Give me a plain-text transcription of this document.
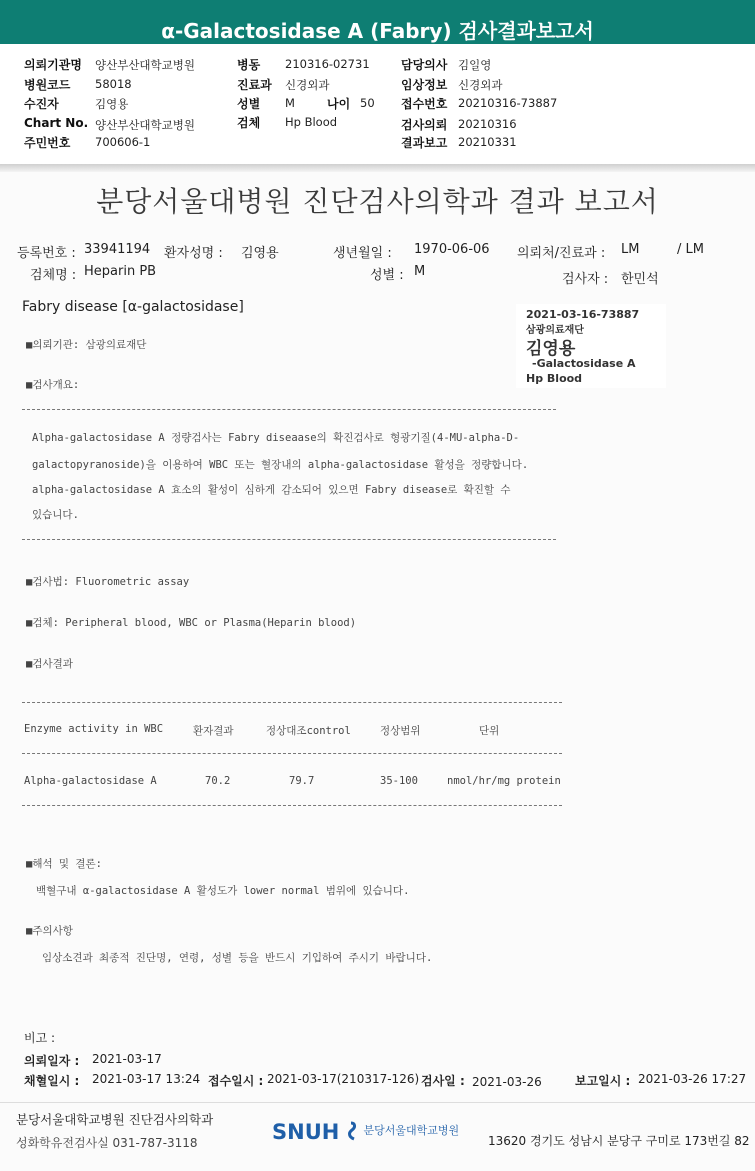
α-Galactosidase A (Fabry) 검사결과보고서
의뢰기관명 양산부산대학교병원
병원코드 58018
수진자	김영용
Chart No. 양산부산대학교병원
주민번호 700606-1
병동 210316-02731
진료과 신경외과
성별 M	나이 50
검체 Hp Blood
담당의사 김일영
임상정보 신경외과
접수번호 20210316-73887
검사의뢰 20210316
결과보고 20210331
분당서울대병원 진단검사의학과 결과 보고서
등록번호 : 33941194 환자성명 : 김영용	생년월일 : 1970-06-06 의뢰처/진료과 : LM	/ LM
검체명 : Heparin PB	성별 : M
검사자 : 한민석
Fabry disease [α-galactosidase]	2021-03-16-73887
삼광의료재단
김영용
-Galactosidase A
Hp Blood
■의뢰기관: 삼광의료재단
■검사개요:
Alpha-galactosidase A 정량검사는 Fabry diseaase의 확진검사로 형광기질(4-MU-alpha-D-
galactopyranoside)을 이용하여 WBC 또는 혈장내의 alpha-galactosidase 활성을 정량합니다.
alpha-galactosidase A 효소의 활성이 심하게 감소되어 있으면 Fabry disease로 확진할 수
있습니다.
■검사법: Fluorometric assay
■검체: Peripheral blood, WBC or Plasma(Heparin blood)
■검사결과
Enzyme activity in WBC	환자결과	정상대조control	정상범위	단위
Alpha-galactosidase A	70.2	79.7	35-100	nmol/hr/mg protein
■해석 및 결론:
백혈구내 α-galactosidase A 활성도가 lower normal 범위에 있습니다.
■주의사항
임상소견과 최종적 진단명, 연령, 성별 등을 반드시 기입하여 주시기 바랍니다.
비고 :
의뢰일자 : 2021-03-17
채혈일시 : 2021-03-17 13:24 접수일시 : 2021-03-17(210317-126) 검사일 : 2021-03-26	보고일시 : 2021-03-26 17:27
분당서울대학교병원 진단검사의학과
성화학유전검사실 031-787-3118	SNUH $^{분당서울대학교병원}$
13620 경기도 성남시 분당구 구미로 173번길 82
